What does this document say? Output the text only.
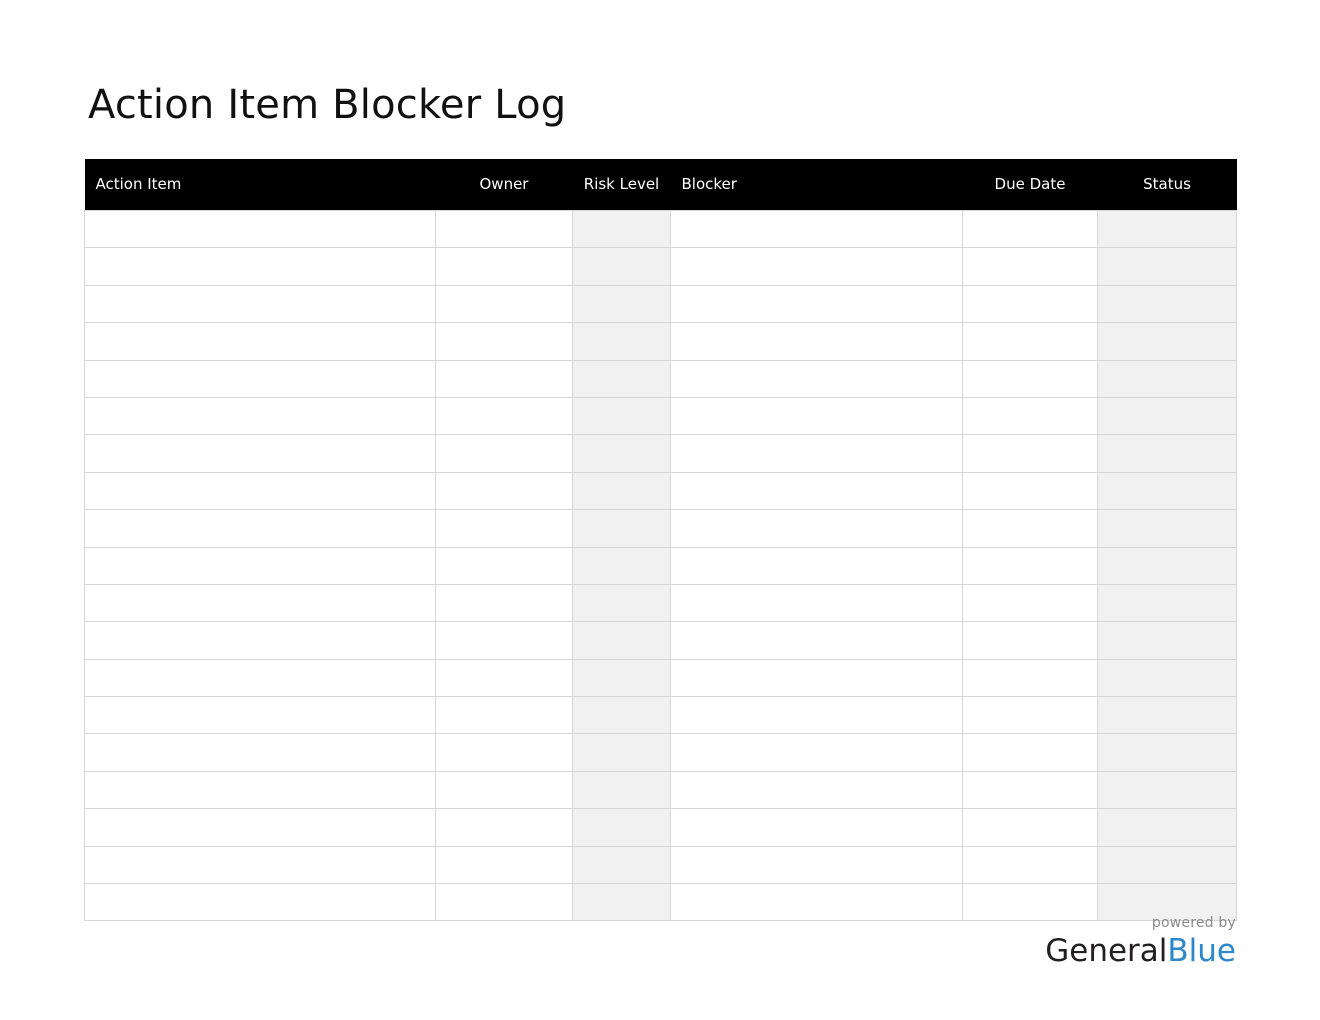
Action Item Blocker Log
Action Item	Owner	Risk Level	Blocker	Due Date	Status

powered by
GeneralBlue
